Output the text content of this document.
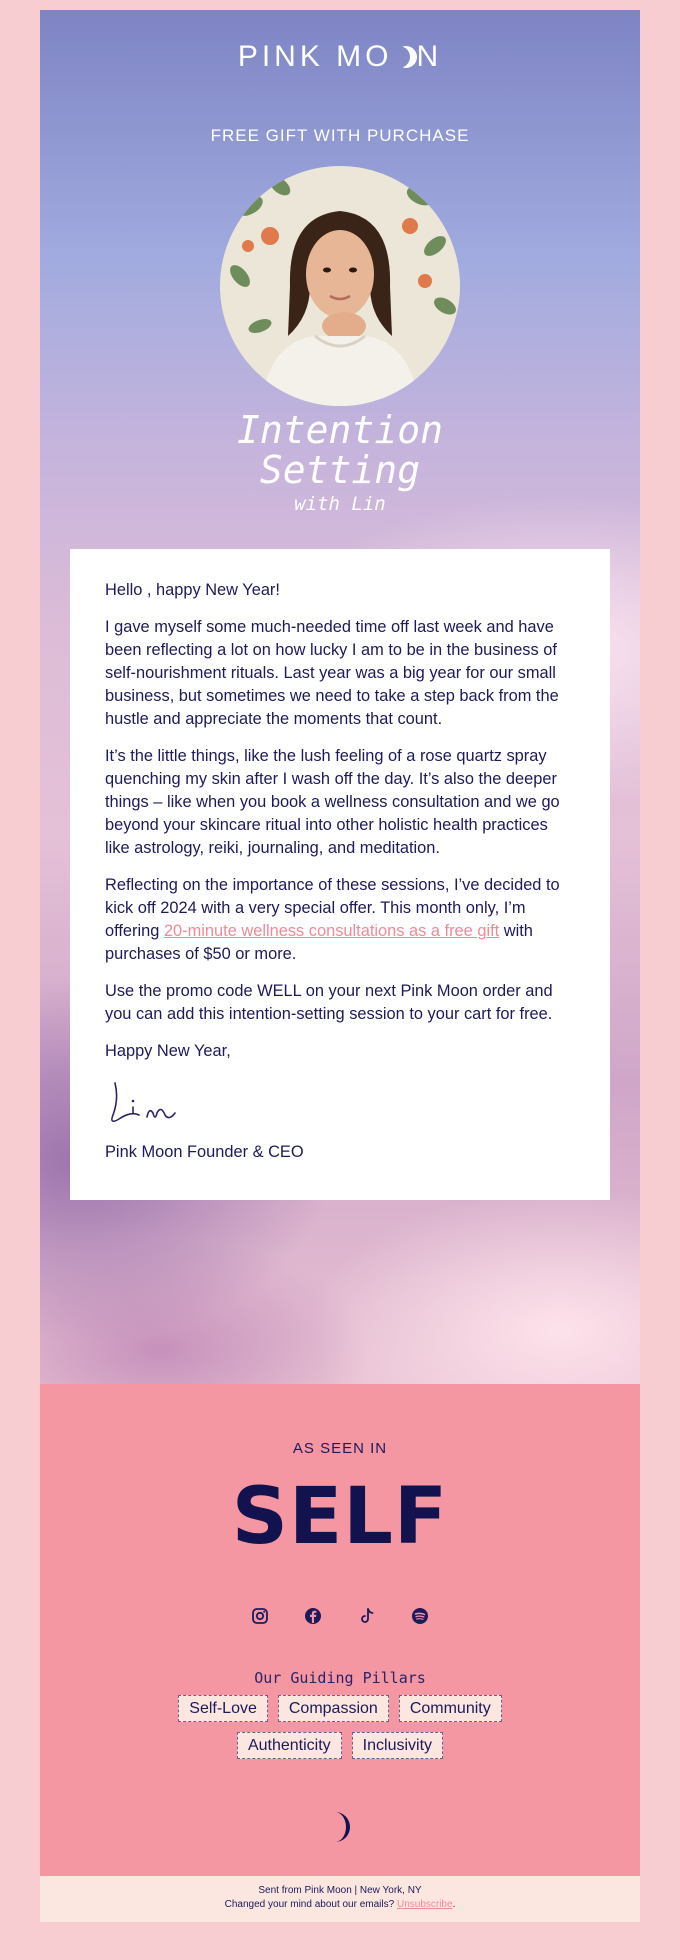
PINK MO N
FREE GIFT WITH PURCHASE
Intention
Setting
with Lin

Hello , happy New Year!

I gave myself some much-needed time off last week and have been reflecting a lot on how lucky I am to be in the business of self-nourishment rituals. Last year was a big year for our small business, but sometimes we need to take a step back from the hustle and appreciate the moments that count.

It’s the little things, like the lush feeling of a rose quartz spray quenching my skin after I wash off the day. It’s also the deeper things – like when you book a wellness consultation and we go beyond your skincare ritual into other holistic health practices like astrology, reiki, journaling, and meditation.

Reflecting on the importance of these sessions, I’ve decided to kick off 2024 with a very special offer. This month only, I’m offering 20-minute wellness consultations as a free gift with purchases of $50 or more.

Use the promo code WELL on your next Pink Moon order and you can add this intention-setting session to your cart for free.

Happy New Year,

Pink Moon Founder & CEO

AS SEEN IN
SELF
Our Guiding Pillars
Self-Love	Compassion	Community
Authenticity	Inclusivity
Sent from Pink Moon | New York, NY
Changed your mind about our emails? Unsubscribe.
